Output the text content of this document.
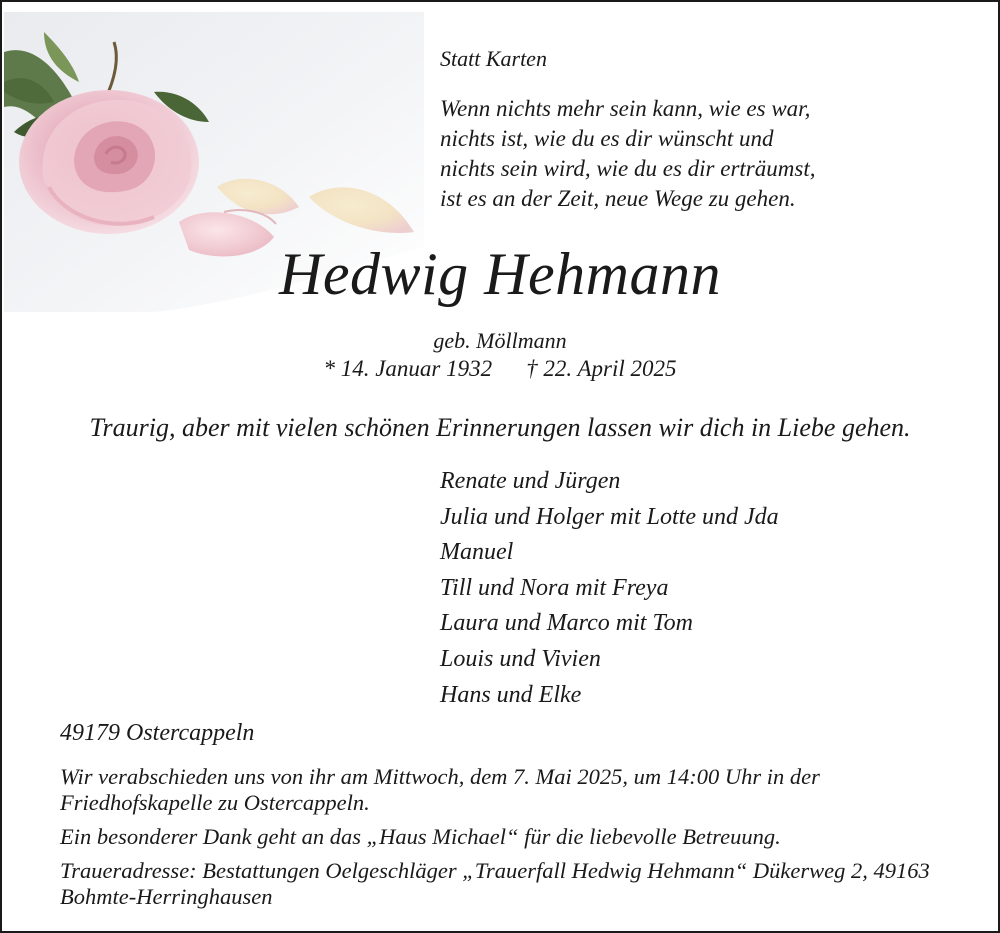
Statt Karten
Wenn nichts mehr sein kann, wie es war,
nichts ist, wie du es dir wünscht und
nichts sein wird, wie du es dir erträumst,
ist es an der Zeit, neue Wege zu gehen.
Hedwig Hehmann
geb. Möllmann
* 14. Januar 1932 † 22. April 2025
Traurig, aber mit vielen schönen Erinnerungen lassen wir dich in Liebe gehen.
Renate und Jürgen
Julia und Holger mit Lotte und Jda
Manuel
Till und Nora mit Freya
Laura und Marco mit Tom
Louis und Vivien
Hans und Elke
49179 Ostercappeln

Wir verabschieden uns von ihr am Mittwoch, dem 7. Mai 2025, um 14:00 Uhr in der Friedhofskapelle zu Ostercappeln.

Ein besonderer Dank geht an das „Haus Michael“ für die liebevolle Betreuung.

Traueradresse: Bestattungen Oelgeschläger „Trauerfall Hedwig Hehmann“ Dükerweg 2, 49163 Bohmte-Herringhausen
